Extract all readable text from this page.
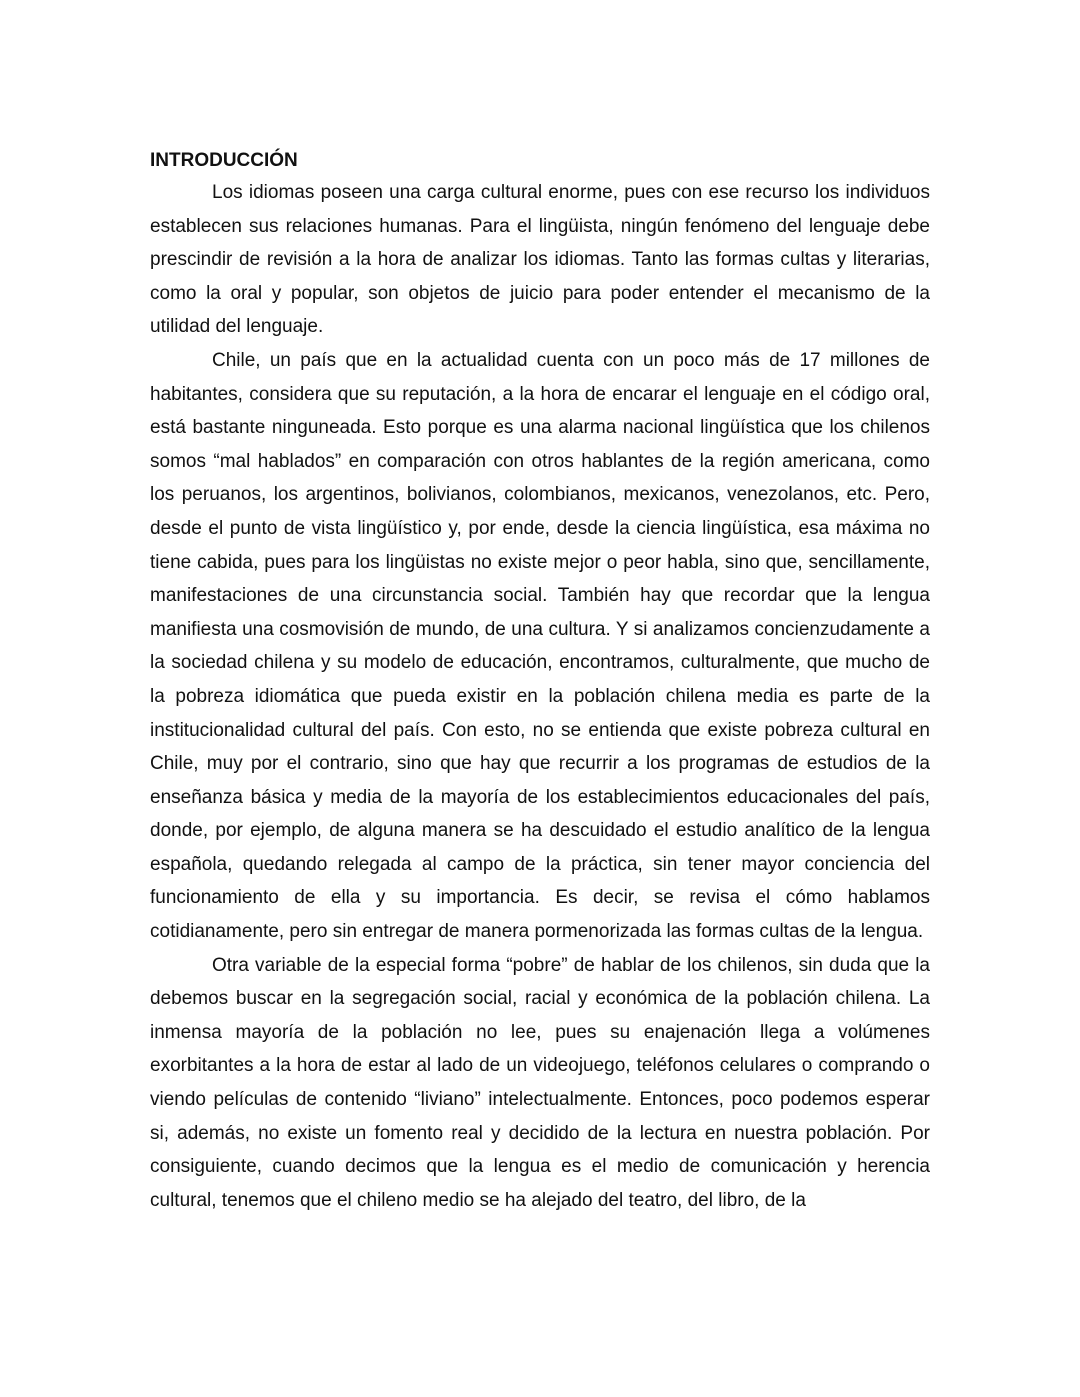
INTRODUCCIÓN

Los idiomas poseen una carga cultural enorme, pues con ese recurso los individuos establecen sus relaciones humanas. Para el lingüista, ningún fenómeno del lenguaje debe prescindir de revisión a la hora de analizar los idiomas. Tanto las formas cultas y literarias, como la oral y popular, son objetos de juicio para poder entender el mecanismo de la utilidad del lenguaje.

Chile, un país que en la actualidad cuenta con un poco más de 17 millones de habitantes, considera que su reputación, a la hora de encarar el lenguaje en el código oral, está bastante ninguneada. Esto porque es una alarma nacional lingüística que los chilenos somos “mal hablados” en comparación con otros hablantes de la región americana, como los peruanos, los argentinos, bolivianos, colombianos, mexicanos, venezolanos, etc. Pero, desde el punto de vista lingüístico y, por ende, desde la ciencia lingüística, esa máxima no tiene cabida, pues para los lingüistas no existe mejor o peor habla, sino que, sencillamente, manifestaciones de una circunstancia social. También hay que recordar que la lengua manifiesta una cosmovisión de mundo, de una cultura. Y si analizamos concienzudamente a la sociedad chilena y su modelo de educación, encontramos, culturalmente, que mucho de la pobreza idiomática que pueda existir en la población chilena media es parte de la institucionalidad cultural del país. Con esto, no se entienda que existe pobreza cultural en Chile, muy por el contrario, sino que hay que recurrir a los programas de estudios de la enseñanza básica y media de la mayoría de los establecimientos educacionales del país, donde, por ejemplo, de alguna manera se ha descuidado el estudio analítico de la lengua española, quedando relegada al campo de la práctica, sin tener mayor conciencia del funcionamiento de ella y su importancia. Es decir, se revisa el cómo hablamos cotidianamente, pero sin entregar de manera pormenorizada las formas cultas de la lengua.

Otra variable de la especial forma “pobre” de hablar de los chilenos, sin duda que la debemos buscar en la segregación social, racial y económica de la población chilena. La inmensa mayoría de la población no lee, pues su enajenación llega a volúmenes exorbitantes a la hora de estar al lado de un videojuego, teléfonos celulares o comprando o viendo películas de contenido “liviano” intelectualmente. Entonces, poco podemos esperar si, además, no existe un fomento real y decidido de la lectura en nuestra población. Por consiguiente, cuando decimos que la lengua es el medio de comunicación y herencia cultural, tenemos que el chileno medio se ha alejado del teatro, del libro, de la
